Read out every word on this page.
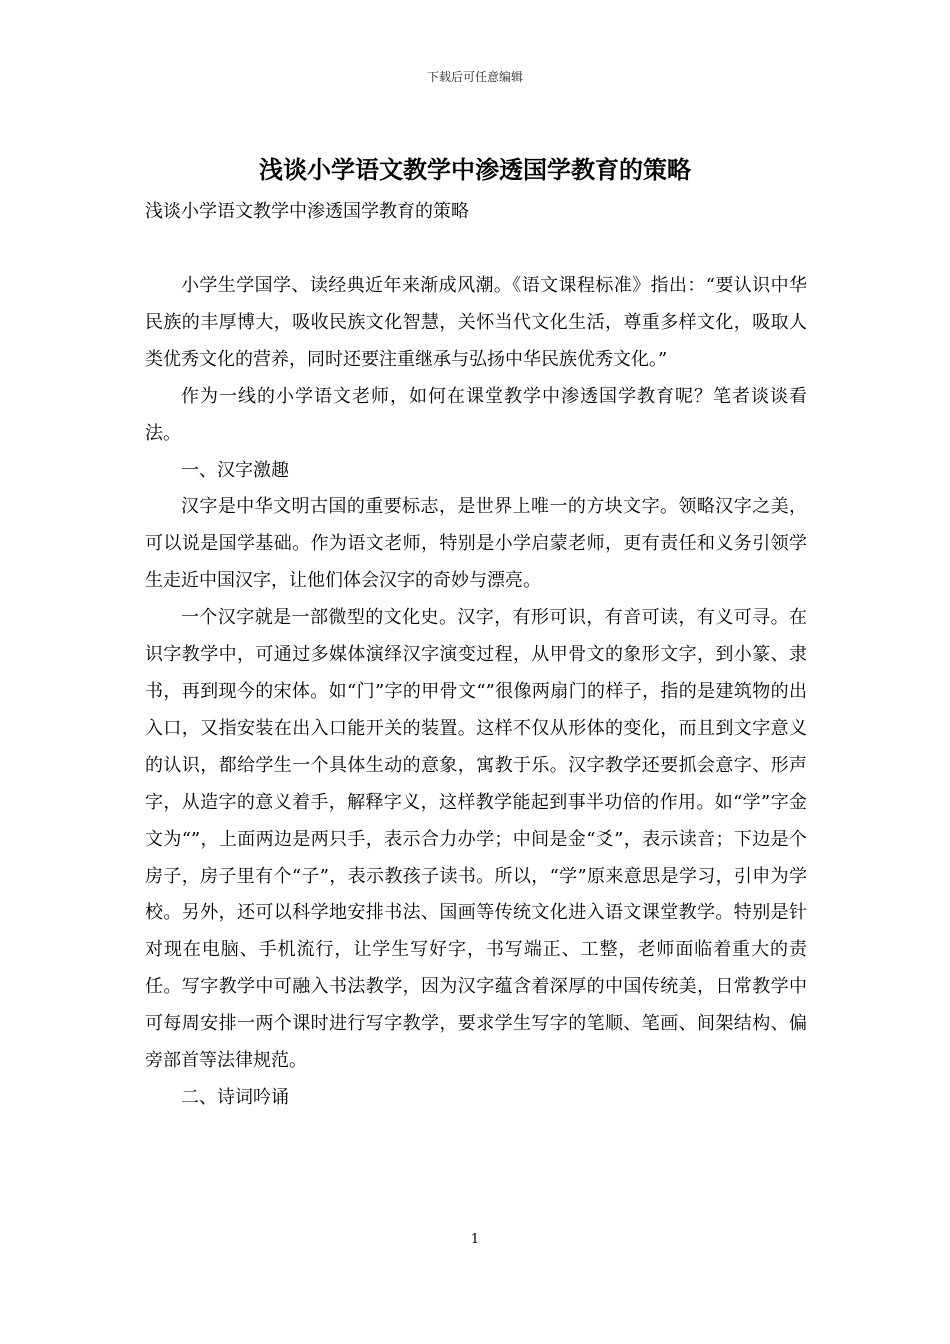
下载后可任意编辑
浅谈小学语文教学中渗透国学教育的策略

浅谈小学语文教学中渗透国学教育的策略

小学生学国学、读经典近年来渐成风潮。《语文课程标准》指出：“要认识中华民族的丰厚博大，吸收民族文化智慧，关怀当代文化生活，尊重多样文化，吸取人类优秀文化的营养，同时还要注重继承与弘扬中华民族优秀文化。”

作为一线的小学语文老师，如何在课堂教学中渗透国学教育呢？笔者谈谈看法。

一、汉字激趣

汉字是中华文明古国的重要标志，是世界上唯一的方块文字。领略汉字之美，可以说是国学基础。作为语文老师，特别是小学启蒙老师，更有责任和义务引领学生走近中国汉字，让他们体会汉字的奇妙与漂亮。

一个汉字就是一部微型的文化史。汉字，有形可识，有音可读，有义可寻。在识字教学中，可通过多媒体演绎汉字演变过程，从甲骨文的象形文字，到小篆、隶书，再到现今的宋体。如“门”字的甲骨文“”很像两扇门的样子，指的是建筑物的出入口，又指安装在出入口能开关的装置。这样不仅从形体的变化，而且到文字意义的认识，都给学生一个具体生动的意象，寓教于乐。汉字教学还要抓会意字、形声字，从造字的意义着手，解释字义，这样教学能起到事半功倍的作用。如“学”字金文为“”，上面两边是两只手，表示合力办学；中间是金“爻”，表示读音；下边是个房子，房子里有个“子”，表示教孩子读书。所以，“学”原来意思是学习，引申为学校。另外，还可以科学地安排书法、国画等传统文化进入语文课堂教学。特别是针对现在电脑、手机流行，让学生写好字，书写端正、工整，老师面临着重大的责任。写字教学中可融入书法教学，因为汉字蕴含着深厚的中国传统美，日常教学中可每周安排一两个课时进行写字教学，要求学生写字的笔顺、笔画、间架结构、偏旁部首等法律规范。

二、诗词吟诵

1
